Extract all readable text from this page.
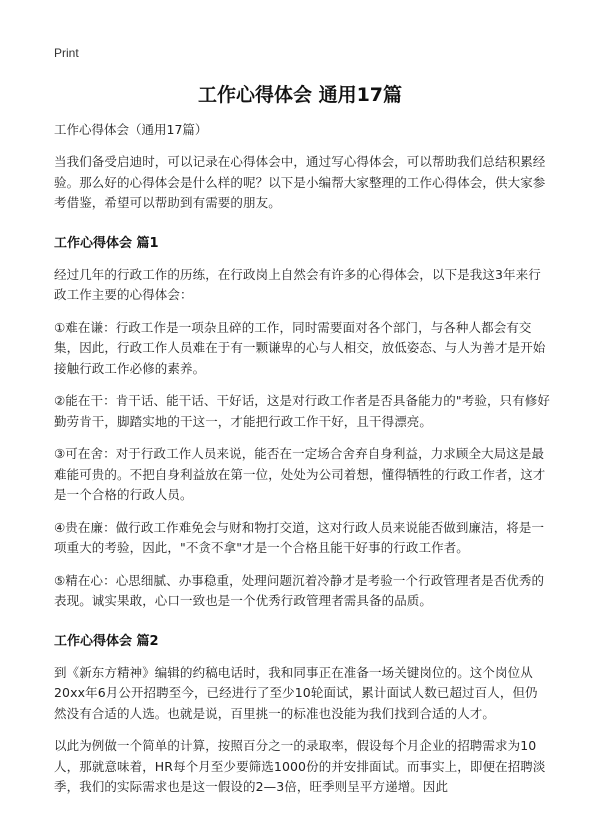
Print
工作心得体会 通用17篇

工作心得体会（通用17篇）

当我们备受启迪时，可以记录在心得体会中，通过写心得体会，可以帮助我们总结积累经验。那么好的心得体会是什么样的呢？以下是小编帮大家整理的工作心得体会，供大家参考借鉴，希望可以帮助到有需要的朋友。

工作心得体会 篇1

经过几年的行政工作的历练，在行政岗上自然会有许多的心得体会，以下是我这3年来行政工作主要的心得体会：

①难在谦：行政工作是一项杂且碎的工作，同时需要面对各个部门，与各种人都会有交集，因此，行政工作人员难在于有一颗谦卑的心与人相交，放低姿态、与人为善才是开始接触行政工作必修的素养。

②能在干：肯干话、能干话、干好话，这是对行政工作者是否具备能力的"考验，只有修好勤劳肯干，脚踏实地的干这一，才能把行政工作干好，且干得漂亮。

③可在舍：对于行政工作人员来说，能否在一定场合舍弃自身利益，力求顾全大局这是最难能可贵的。不把自身利益放在第一位，处处为公司着想，懂得牺牲的行政工作者，这才是一个合格的行政人员。

④贵在廉：做行政工作难免会与财和物打交道，这对行政人员来说能否做到廉洁，将是一项重大的考验，因此，"不贪不拿"才是一个合格且能干好事的行政工作者。

⑤精在心：心思细腻、办事稳重，处理问题沉着冷静才是考验一个行政管理者是否优秀的表现。诚实果敢，心口一致也是一个优秀行政管理者需具备的品质。

工作心得体会 篇2

到《新东方精神》编辑的约稿电话时，我和同事正在准备一场关键岗位的。这个岗位从20xx年6月公开招聘至今，已经进行了至少10轮面试，累计面试人数已超过百人，但仍然没有合适的人选。也就是说，百里挑一的标准也没能为我们找到合适的人才。

以此为例做一个简单的计算，按照百分之一的录取率，假设每个月企业的招聘需求为10人，那就意味着，HR每个月至少要筛选1000份的并安排面试。而事实上，即便在招聘淡季，我们的实际需求也是这一假设的2—3倍，旺季则呈平方递增。因此
